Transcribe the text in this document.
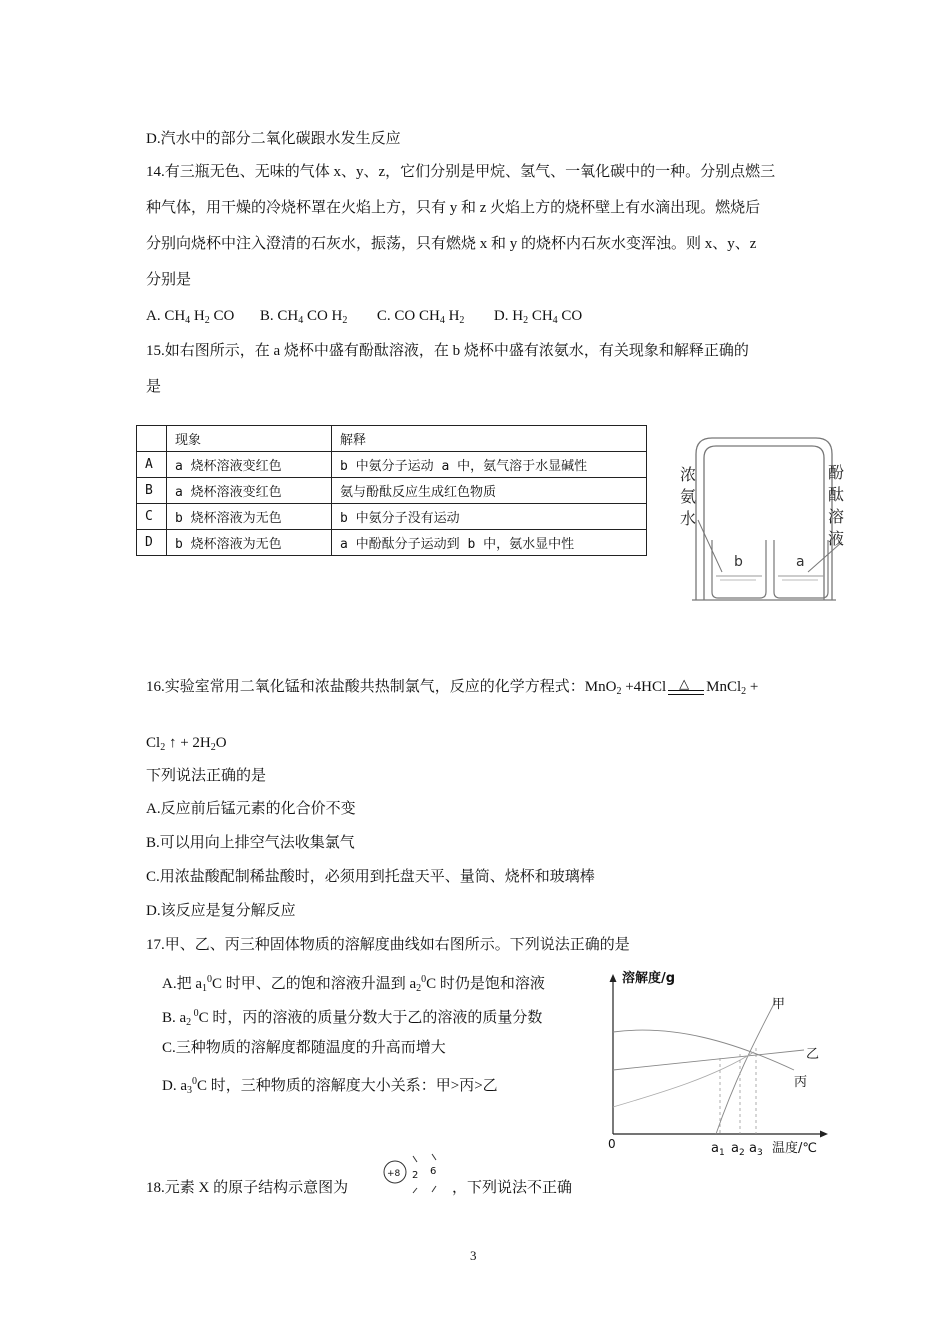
D.汽水中的部分二氧化碳跟水发生反应
14.有三瓶无色、无味的气体 x、y、z，它们分别是甲烷、氢气、一氧化碳中的一种。分别点燃三
种气体，用干燥的冷烧杯罩在火焰上方，只有 y 和 z 火焰上方的烧杯壁上有水滴出现。燃烧后
分别向烧杯中注入澄清的石灰水，振荡，只有燃烧 x 和 y 的烧杯内石灰水变浑浊。则 x、y、z
分别是
A. $CH_4$ $H_2$ CO B. $CH_4$ CO $H_2$ C. CO $CH_4$ $H_2$ D. $H_2$ $CH_4$ CO
15.如右图所示，在 a 烧杯中盛有酚酞溶液，在 b 烧杯中盛有浓氨水，有关现象和解释正确的
是
	现象	解释
A	a 烧杯溶液变红色	b 中氨分子运动 a 中，氨气溶于水显碱性
B	a 烧杯溶液变红色	氨与酚酞反应生成红色物质
C	b 烧杯溶液为无色	b 中氨分子没有运动
D	b 烧杯溶液为无色	a 中酚酞分子运动到 b 中，氨水显中性
b	a
浓
氨
水
酚
酞
溶
液
16.实验室常用二氧化锰和浓盐酸共热制氯气，反应的化学方程式：MnO$_2$ +4HCl △ MnCl$_2$ +
$Cl_2$ ↑ + $2H_2O$
下列说法正确的是
A.反应前后锰元素的化合价不变
B.可以用向上排空气法收集氯气
C.用浓盐酸配制稀盐酸时，必须用到托盘天平、量筒、烧杯和玻璃棒
D.该反应是复分解反应
17.甲、乙、丙三种固体物质的溶解度曲线如右图所示。下列说法正确的是
A.把 $a_1^0C$ 时甲、乙的饱和溶液升温到 $a_2^0C$ 时仍是饱和溶液
B. $a_2$ $^0$C 时，丙的溶液的质量分数大于乙的溶液的质量分数
C.三种物质的溶解度都随温度的升高而增大
D. $a_3^0C$ 时，三种物质的溶解度大小关系：甲>丙>乙
溶解度/g
0	$a_1$ $a_2$ $a_3$ 温度/℃
甲
乙
丙
18.元素 X 的原子结构示意图为
+8 2 6
，下列说法不正确
3
